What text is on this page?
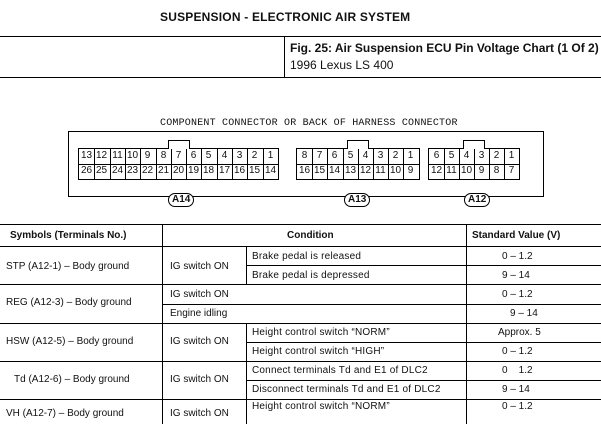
SUSPENSION - ELECTRONIC AIR SYSTEM
Fig. 25: Air Suspension ECU Pin Voltage Chart (1 Of 2)
1996 Lexus LS 400
COMPONENT CONNECTOR OR BACK OF HARNESS CONNECTOR
13
26
12
25
11
24
10
23
9
22
8
21
7
20
6
19
5
18
4
17
3
16
2
15
1
14
A14
8
16
7
15
6
14
5
13
4
12
3
11
2
10
1
9
A13
6
12
5
11
4
10
3
9
2
8
1
7
A12
Symbols (Terminals No.)	Condition	Standard Value (V)
STP (A12-1) – Body ground	IG switch ON
Brake pedal is released	0 – 1.2
Brake pedal is depressed	9 – 14
REG (A12-3) – Body ground
IG switch ON	0 – 1.2
Engine idling	9 – 14
HSW (A12-5) – Body ground	IG switch ON
Height control switch “NORM”	Approx. 5
Height control switch “HIGH”	0 – 1.2
Td (A12-6) – Body ground	IG switch ON
Connect terminals Td and E1 of DLC2	0    1.2
Disconnect terminals Td and E1 of DLC2	9 – 14
VH (A12-7) – Body ground	IG switch ON
Height control switch “NORM”	0 – 1.2
